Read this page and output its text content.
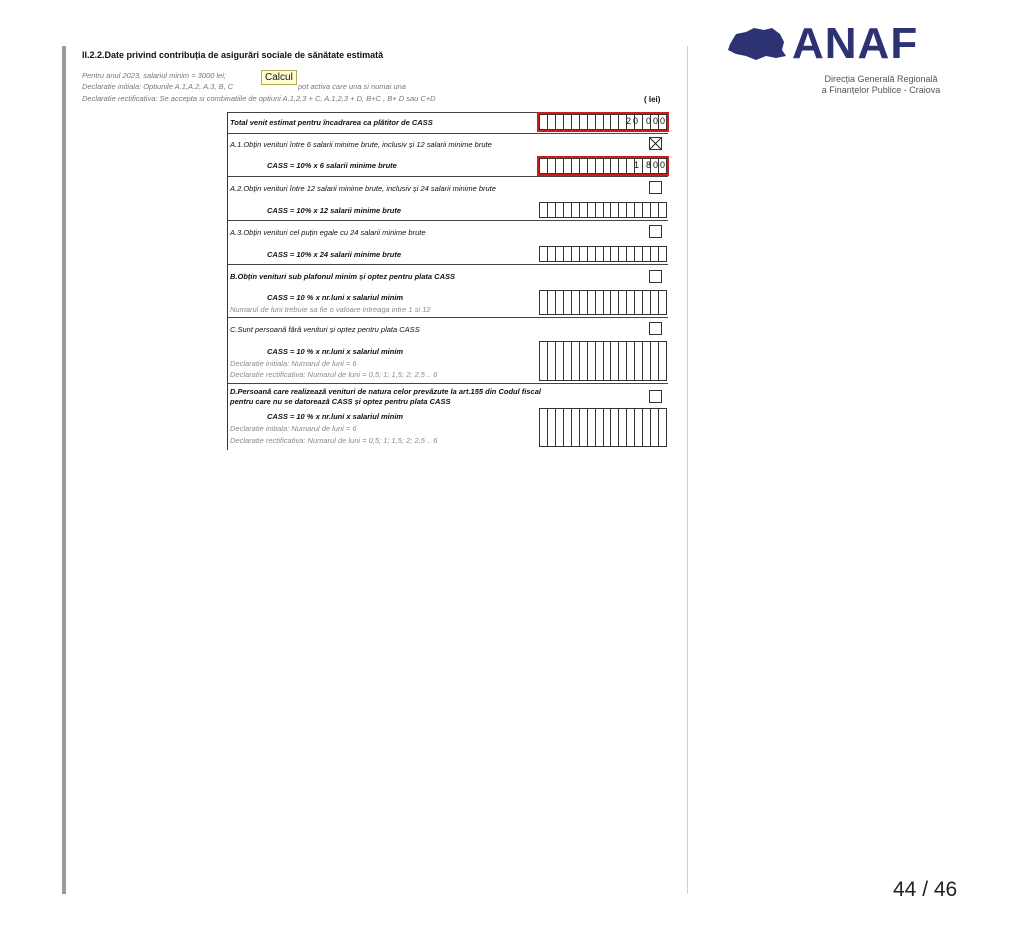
ANAF
Direcția Generală Regională
a Finanțelor Publice - Craiova
II.2.2.Date privind contribuția de asigurări sociale de sănătate estimată
Pentru anul 2023, salariul minim = 3000 lei;
Declaratie initiala: Optiunile A.1,A.2, A.3, B, C	pot activa care una si numai una
Declaratie rectificativa: Se accepta si combinatiile de optiuni A.1,2,3 + C, A.1,2,3 + D, B+C , B+ D sau C+D	( lei)
Calcul
Total venit estimat pentru încadrarea ca plătitor de CASS	20 000
A.1.Obțin venituri între 6 salarii minime brute, inclusiv și 12 salarii minime brute
CASS = 10% x 6 salarii minime brute	1 800
A.2.Obțin venituri între 12 salarii minime brute, inclusiv și 24 salarii minime brute
CASS = 10% x 12 salarii minime brute
A.3.Obțin venituri cel puțin egale cu 24 salarii minime brute
CASS = 10% x 24 salarii minime brute
B.Obțin venituri sub plafonul minim și optez pentru plata CASS
CASS = 10 % x nr.luni x salariul minim
Numarul de luni trebuie sa fie o valoare intreaga intre 1 si 12
C.Sunt persoană fără venituri și optez pentru plata CASS
CASS = 10 % x nr.luni x salariul minim
Declaratie initiala: Numarul de luni = 6
Declaratie rectificativa: Numarul de luni = 0,5; 1; 1,5; 2; 2,5 .. 6
D.Persoană care realizează venituri de natura celor prevăzute la art.155 din Codul fiscal
pentru care nu se datorează CASS și optez pentru plata CASS
CASS = 10 % x nr.luni x salariul minim
Declaratie initiala: Numarul de luni = 6
Declaratie rectificativa: Numarul de luni = 0,5; 1; 1,5; 2; 2,5 .. 6
44 / 46
